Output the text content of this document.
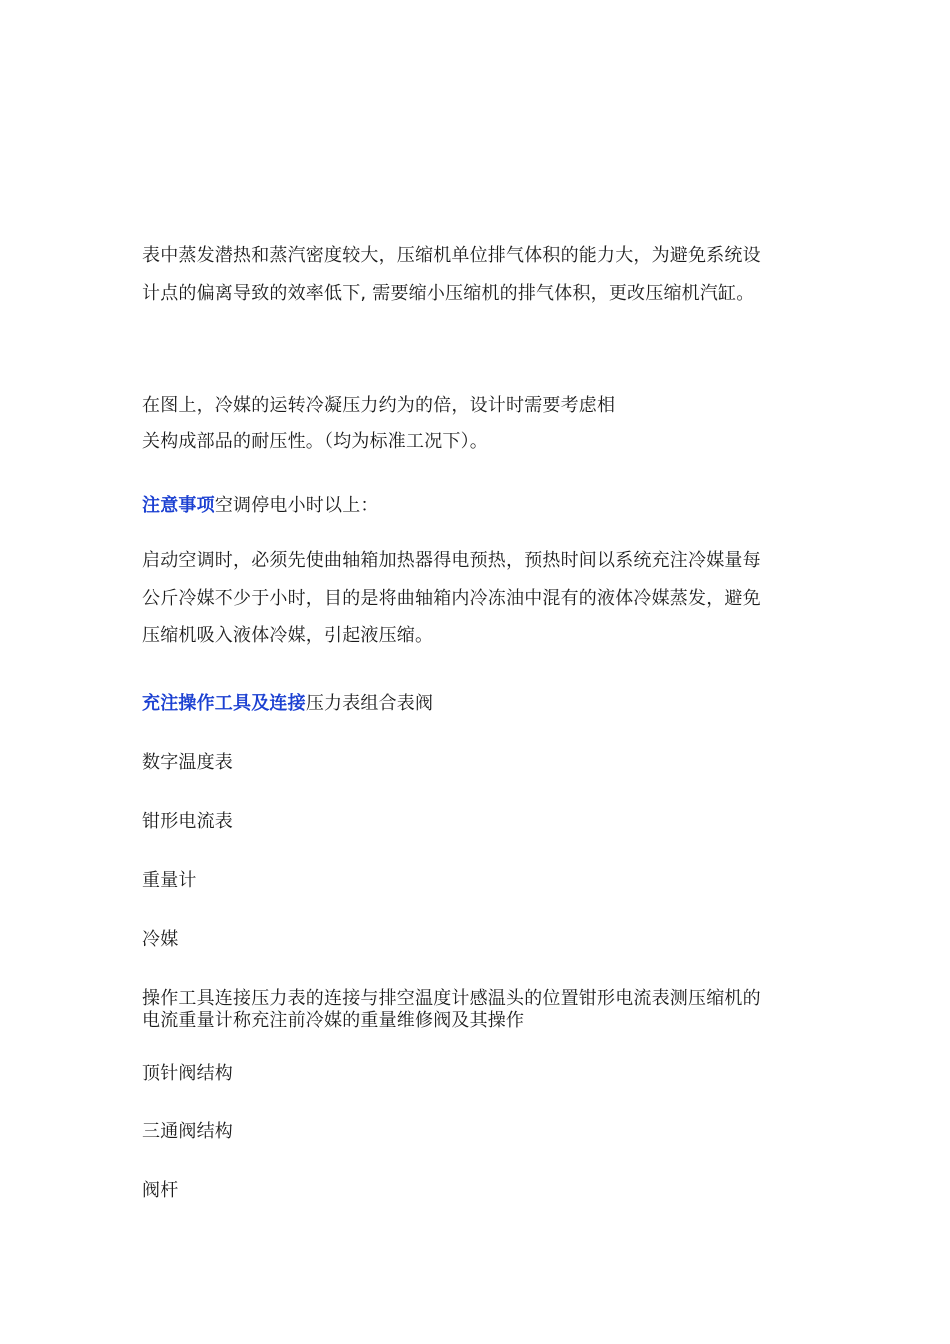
表中蒸发潜热和蒸汽密度较大，压缩机单位排气体积的能力大，为避免系统设

计点的偏离导致的效率低下, 需要缩小压缩机的排气体积，更改压缩机汽缸。

在图上，冷媒的运转冷凝压力约为的倍，设计时需要考虑相

关构成部品的耐压性。（均为标准工况下）。

注意事项空调停电小时以上：

启动空调时，必须先使曲轴箱加热器得电预热，预热时间以系统充注冷媒量每

公斤冷媒不少于小时，目的是将曲轴箱内冷冻油中混有的液体冷媒蒸发，避免

压缩机吸入液体冷媒，引起液压缩。

充注操作工具及连接压力表组合表阀

数字温度表

钳形电流表

重量计

冷媒

操作工具连接压力表的连接与排空温度计感温头的位置钳形电流表测压缩机的

电流重量计称充注前冷媒的重量维修阀及其操作

顶针阀结构

三通阀结构

阀杆
